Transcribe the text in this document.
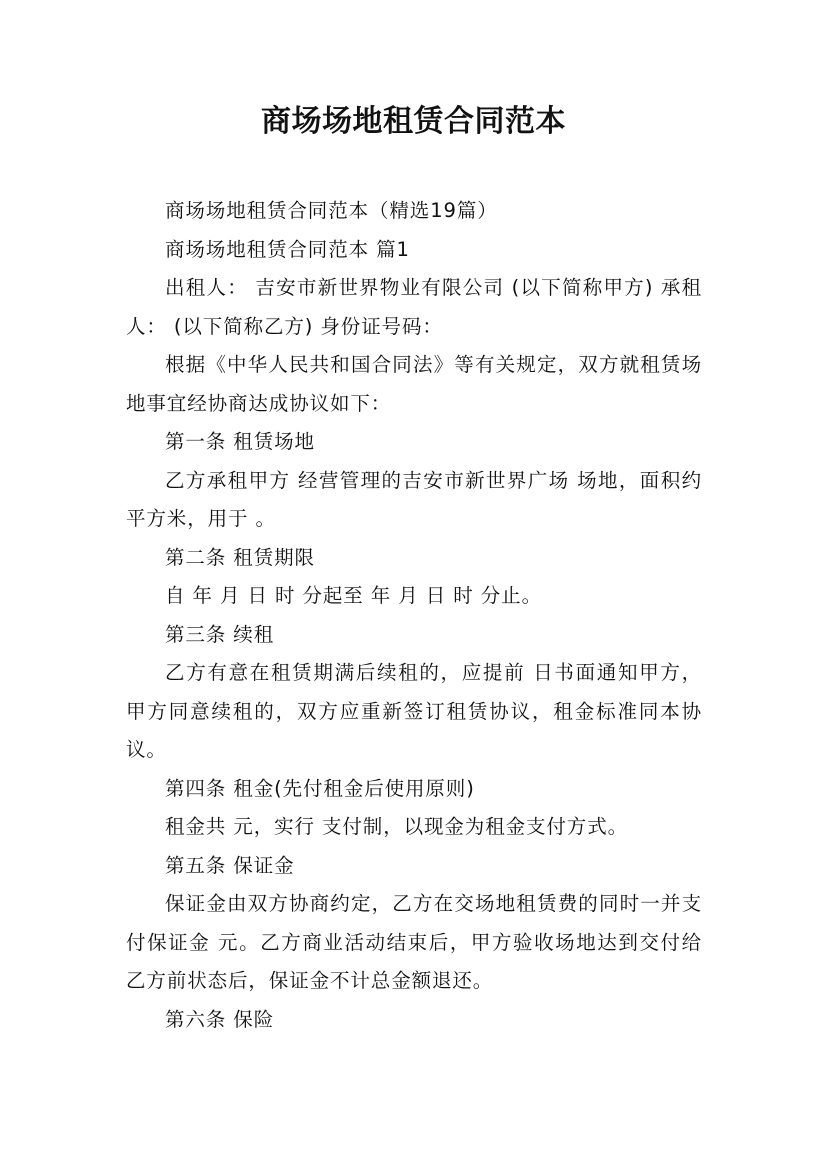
商场场地租赁合同范本

商场场地租赁合同范本（精选19篇）

商场场地租赁合同范本 篇1

出租人： 吉安市新世界物业有限公司 (以下简称甲方) 承租人： (以下简称乙方) 身份证号码：

根据《中华人民共和国合同法》等有关规定，双方就租赁场地事宜经协商达成协议如下：

第一条 租赁场地

乙方承租甲方 经营管理的吉安市新世界广场 场地，面积约 平方米，用于 。

第二条 租赁期限

自 年 月 日 时 分起至 年 月 日 时 分止。

第三条 续租

乙方有意在租赁期满后续租的，应提前 日书面通知甲方，甲方同意续租的，双方应重新签订租赁协议，租金标准同本协议。

第四条 租金(先付租金后使用原则)

租金共 元，实行 支付制，以现金为租金支付方式。

第五条 保证金

保证金由双方协商约定，乙方在交场地租赁费的同时一并支付保证金 元。乙方商业活动结束后，甲方验收场地达到交付给乙方前状态后，保证金不计总金额退还。

第六条 保险
